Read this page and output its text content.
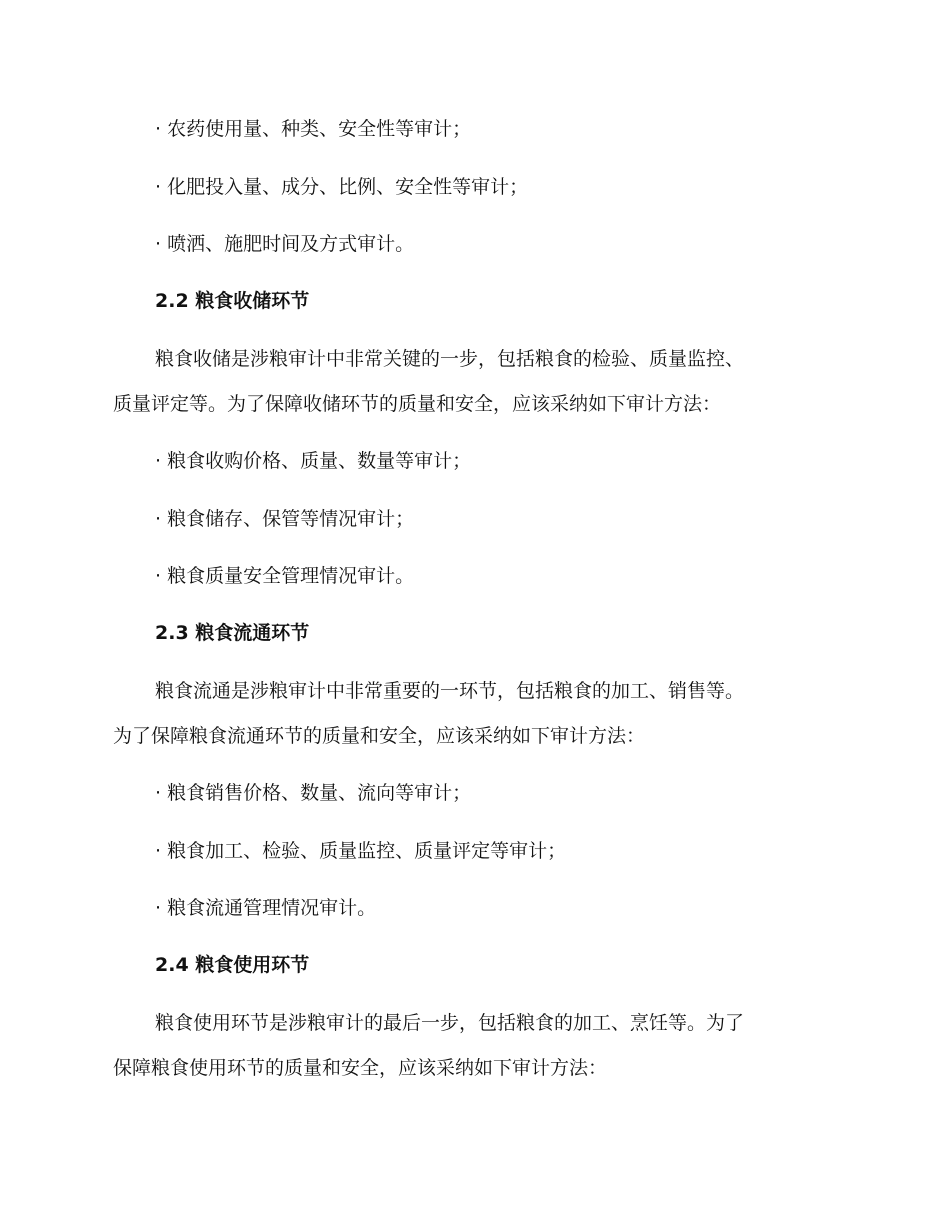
· 农药使用量、种类、安全性等审计；
· 化肥投入量、成分、比例、安全性等审计；
· 喷洒、施肥时间及方式审计。
2.2 粮食收储环节
粮食收储是涉粮审计中非常关键的一步，包括粮食的检验、质量监控、
质量评定等。为了保障收储环节的质量和安全，应该采纳如下审计方法：
· 粮食收购价格、质量、数量等审计；
· 粮食储存、保管等情况审计；
· 粮食质量安全管理情况审计。
2.3 粮食流通环节
粮食流通是涉粮审计中非常重要的一环节，包括粮食的加工、销售等。
为了保障粮食流通环节的质量和安全，应该采纳如下审计方法：
· 粮食销售价格、数量、流向等审计；
· 粮食加工、检验、质量监控、质量评定等审计；
· 粮食流通管理情况审计。
2.4 粮食使用环节
粮食使用环节是涉粮审计的最后一步，包括粮食的加工、烹饪等。为了
保障粮食使用环节的质量和安全，应该采纳如下审计方法：
